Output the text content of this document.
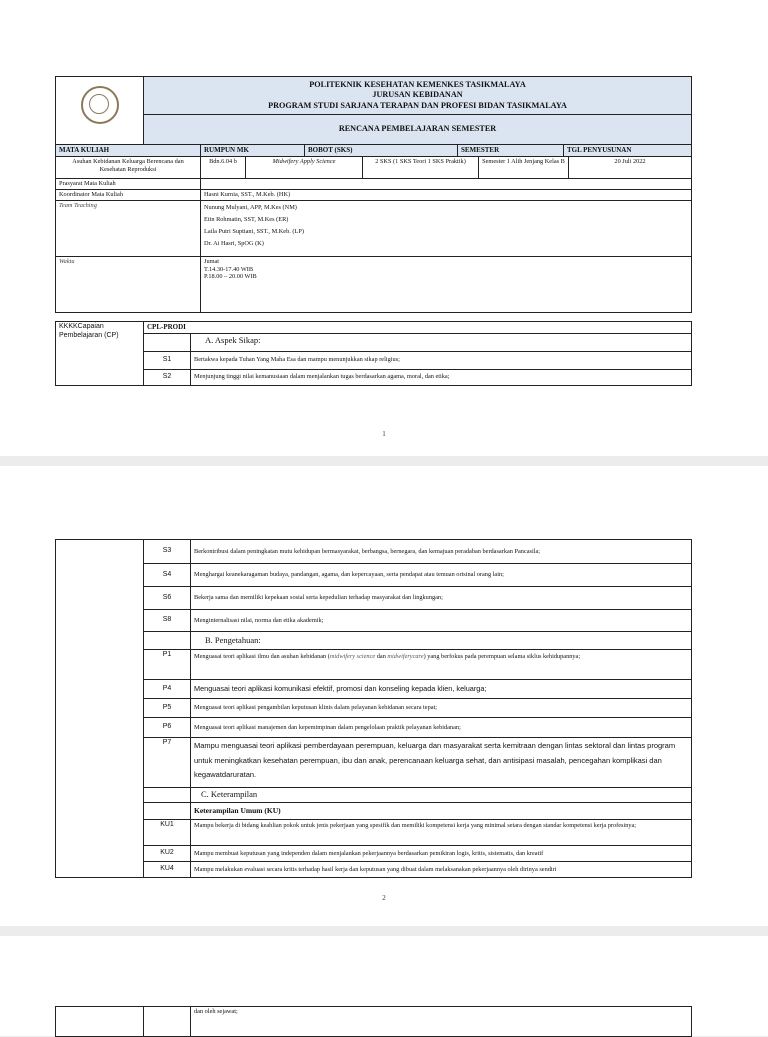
	POLITEKNIK KESEHATAN KEMENKES TASIKMALAYA
JURUSAN KEBIDANAN
PROGRAM STUDI SARJANA TERAPAN DAN PROFESI BIDAN TASIKMALAYA				

	RENCANA PEMBELAJARAN SEMESTER				
MATA KULIAH		RUMPUN MK	BOBOT (SKS)	SEMESTER	TGL PENYUSUNAN
Asuhan Kebidanan Keluarga Berencana dan Kesehatan Reproduksi	Bdn.6.04 b	Midwifery Apply Science	2 SKS (1 SKS Teori 1 SKS Praktik)	Semester 1 Alih Jenjang Kelas B	20 Juli 2022
Prasyarat Mata Kuliah					
Koordinator Mata Kuliah	Hasni Kurnia, SST., M.Keb. (HK)				
Team Teaching	Nunung Mulyani, APP, M.Kes (NM)
Etin Rohmatin, SST, M.Kes (ER)
Laila Putri Suptiani, SST., M.Keb. (LP)
Dr. Ai Hasri, SpOG (K)				

Waktu	Jumat
T.14.30-17.40 WIB
P.18.00 – 20.00 WIB				
KKKKCapaian Pembelajaran (CP)	CPL-PRODI	
		A. Aspek Sikap:
	S1	Bertakwa kepada Tuhan Yang Maha Esa dan mampu menunjukkan sikap religius;
	S2	Menjunjung tinggi nilai kemanusiaan dalam menjalankan tugas berdasarkan agama, moral, dan etika;
1
	S3	Berkontribusi dalam peningkatan mutu kehidupan bermasyarakat, berbangsa, bernegara, dan kemajuan peradaban berdasarkan Pancasila;
	S4	Menghargai keanekaragaman budaya, pandangan, agama, dan kepercayaan, serta pendapat atau temuan orisinal orang lain;
	S6	Bekerja sama dan memiliki kepekaan sosial serta kepedulian terhadap masyarakat dan lingkungan;
	S8	Menginternalisasi nilai, norma dan etika akademik;
		B. Pengetahuan:
	P1	Menguasai teori aplikasi ilmu dan asuhan kebidanan (midwifery science dan midwiferycare) yang berfokus pada perempuan selama siklus kehidupannya;
	P4	Menguasai teori aplikasi komunikasi efektif, promosi dan konseling kepada klien, keluarga;
	P5	Menguasai teori aplikasi pengambilan keputusan klinis dalam pelayanan kebidanan secara tepat;
	P6	Menguasai teori aplikasi manajemen dan kepemimpinan dalam pengelolaan praktik pelayanan kebidanan;
	P7	Mampu menguasai teori aplikasi pemberdayaan perempuan, keluarga dan masyarakat serta kemitraan dengan lintas sektoral dan lintas program untuk meningkatkan kesehatan perempuan, ibu dan anak, perencanaan keluarga sehat, dan antisipasi masalah, pencegahan komplikasi dan kegawatdaruratan.
		C. Keterampilan
		Keterampilan Umum (KU)
	KU1	Mampu bekerja di bidang keahlian pokok untuk jenis pekerjaan yang spesifik dan memiliki kompetensi kerja yang minimal setara dengan standar kompetensi kerja profesinya;
	KU2	Mampu membuat keputusan yang independen dalam menjalankan pekerjaannya berdasarkan pemikiran logis, kritis, sistematis, dan kreatif
	KU4	Mampu melakukan evaluasi secara kritis terhadap hasil kerja dan keputusan yang dibuat dalam melaksanakan pekerjaannya oleh dirinya sendiri
2
		dan oleh sejawat;
